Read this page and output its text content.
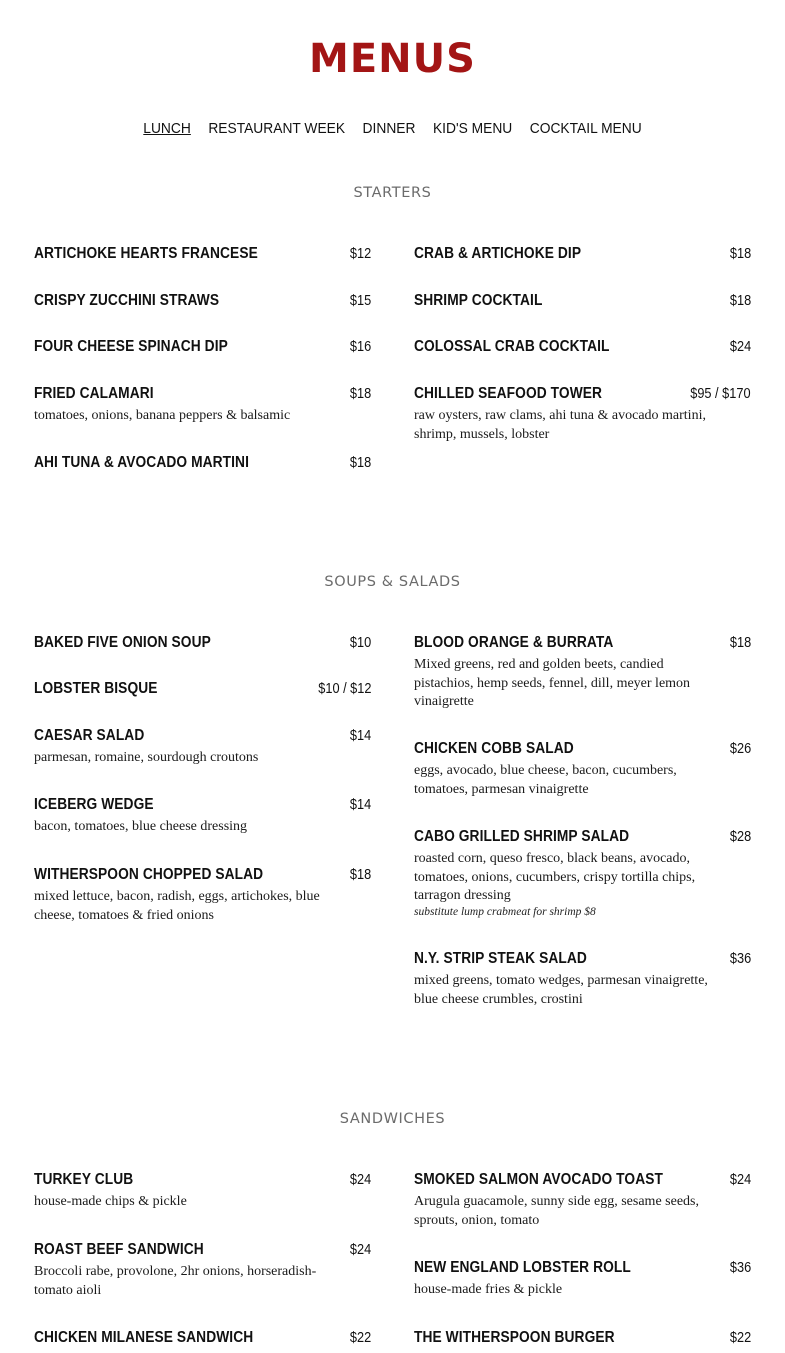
MENUS
LUNCH RESTAURANT WEEK DINNER KID'S MENU COCKTAIL MENU
STARTERS
ARTICHOKE HEARTS FRANCESE	$12
CRISPY ZUCCHINI STRAWS	$15
FOUR CHEESE SPINACH DIP	$16
FRIED CALAMARI	$18
tomatoes, onions, banana peppers & balsamic
AHI TUNA & AVOCADO MARTINI	$18
CRAB & ARTICHOKE DIP	$18
SHRIMP COCKTAIL	$18
COLOSSAL CRAB COCKTAIL	$24
CHILLED SEAFOOD TOWER	$95 / $170
raw oysters, raw clams, ahi tuna & avocado martini, shrimp, mussels, lobster
SOUPS & SALADS
BAKED FIVE ONION SOUP	$10
LOBSTER BISQUE	$10 / $12
CAESAR SALAD	$14
parmesan, romaine, sourdough croutons
ICEBERG WEDGE	$14
bacon, tomatoes, blue cheese dressing
WITHERSPOON CHOPPED SALAD	$18
mixed lettuce, bacon, radish, eggs, artichokes, blue cheese, tomatoes & fried onions
BLOOD ORANGE & BURRATA	$18
Mixed greens, red and golden beets, candied pistachios, hemp seeds, fennel, dill, meyer lemon vinaigrette
CHICKEN COBB SALAD	$26
eggs, avocado, blue cheese, bacon, cucumbers, tomatoes, parmesan vinaigrette
CABO GRILLED SHRIMP SALAD	$28
roasted corn, queso fresco, black beans, avocado, tomatoes, onions, cucumbers, crispy tortilla chips, tarragon dressing
substitute lump crabmeat for shrimp $8
N.Y. STRIP STEAK SALAD	$36
mixed greens, tomato wedges, parmesan vinaigrette, blue cheese crumbles, crostini
SANDWICHES
TURKEY CLUB	$24
house-made chips & pickle
ROAST BEEF SANDWICH	$24
Broccoli rabe, provolone, 2hr onions, horseradish-tomato aioli
CHICKEN MILANESE SANDWICH	$22
SMOKED SALMON AVOCADO TOAST	$24
Arugula guacamole, sunny side egg, sesame seeds, sprouts, onion, tomato
NEW ENGLAND LOBSTER ROLL	$36
house-made fries & pickle
THE WITHERSPOON BURGER	$22
